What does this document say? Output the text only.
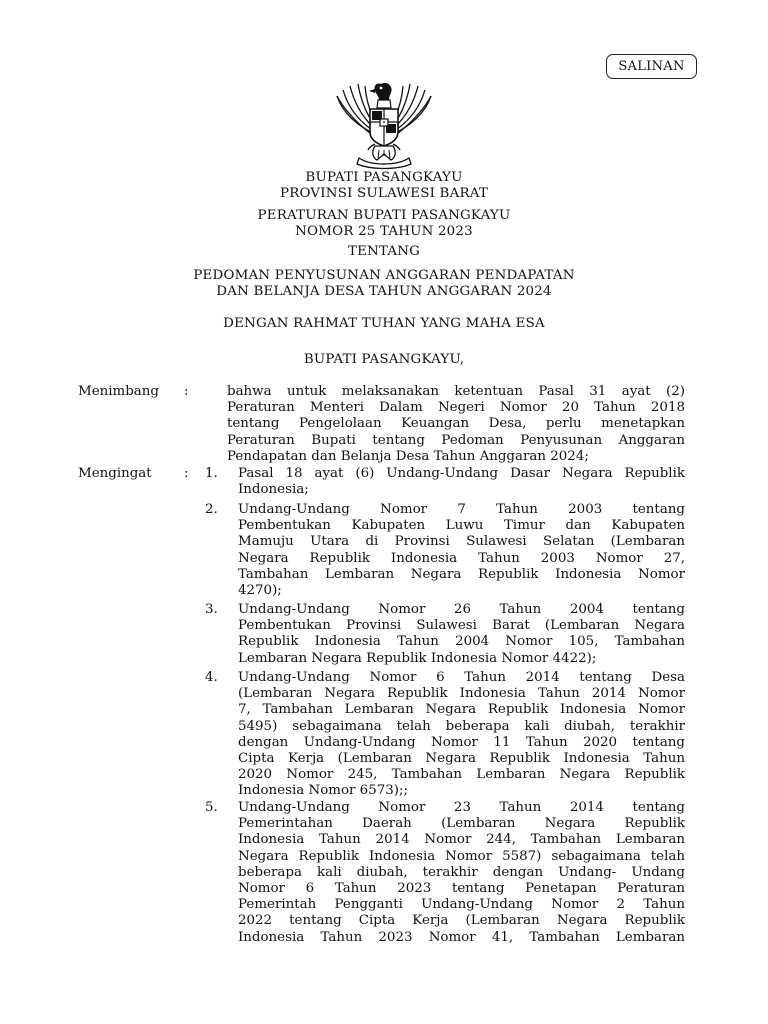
SALINAN
BUPATI PASANGKAYU
PROVINSI SULAWESI BARAT
PERATURAN BUPATI PASANGKAYU
NOMOR 25 TAHUN 2023
TENTANG
PEDOMAN PENYUSUNAN ANGGARAN PENDAPATAN
DAN BELANJA DESA TAHUN ANGGARAN 2024
DENGAN RAHMAT TUHAN YANG MAHA ESA
BUPATI PASANGKAYU,
Menimbang :	bahwa untuk melaksanakan ketentuan Pasal 31 ayat (2)
Peraturan Menteri Dalam Negeri Nomor 20 Tahun 2018
tentang Pengelolaan Keuangan Desa, perlu menetapkan
Peraturan Bupati tentang Pedoman Penyusunan Anggaran
Pendapatan dan Belanja Desa Tahun Anggaran 2024;
Mengingat : 1. Pasal 18 ayat (6) Undang-Undang Dasar Negara Republik
Indonesia;
2. Undang-Undang Nomor 7 Tahun 2003 tentang
Pembentukan Kabupaten Luwu Timur dan Kabupaten
Mamuju Utara di Provinsi Sulawesi Selatan (Lembaran
Negara Republik Indonesia Tahun 2003 Nomor 27,
Tambahan Lembaran Negara Republik Indonesia Nomor
4270);
3. Undang-Undang Nomor 26 Tahun 2004 tentang
Pembentukan Provinsi Sulawesi Barat (Lembaran Negara
Republik Indonesia Tahun 2004 Nomor 105, Tambahan
Lembaran Negara Republik Indonesia Nomor 4422);
4. Undang-Undang Nomor 6 Tahun 2014 tentang Desa
(Lembaran Negara Republik Indonesia Tahun 2014 Nomor
7, Tambahan Lembaran Negara Republik Indonesia Nomor
5495) sebagaimana telah beberapa kali diubah, terakhir
dengan Undang-Undang Nomor 11 Tahun 2020 tentang
Cipta Kerja (Lembaran Negara Republik Indonesia Tahun
2020 Nomor 245, Tambahan Lembaran Negara Republik
Indonesia Nomor 6573);;
5. Undang-Undang Nomor 23 Tahun 2014 tentang
Pemerintahan Daerah (Lembaran Negara Republik
Indonesia Tahun 2014 Nomor 244, Tambahan Lembaran
Negara Republik Indonesia Nomor 5587) sebagaimana telah
beberapa kali diubah, terakhir dengan Undang- Undang
Nomor 6 Tahun 2023 tentang Penetapan Peraturan
Pemerintah Pengganti Undang-Undang Nomor 2 Tahun
2022 tentang Cipta Kerja (Lembaran Negara Republik
Indonesia Tahun 2023 Nomor 41, Tambahan Lembaran
